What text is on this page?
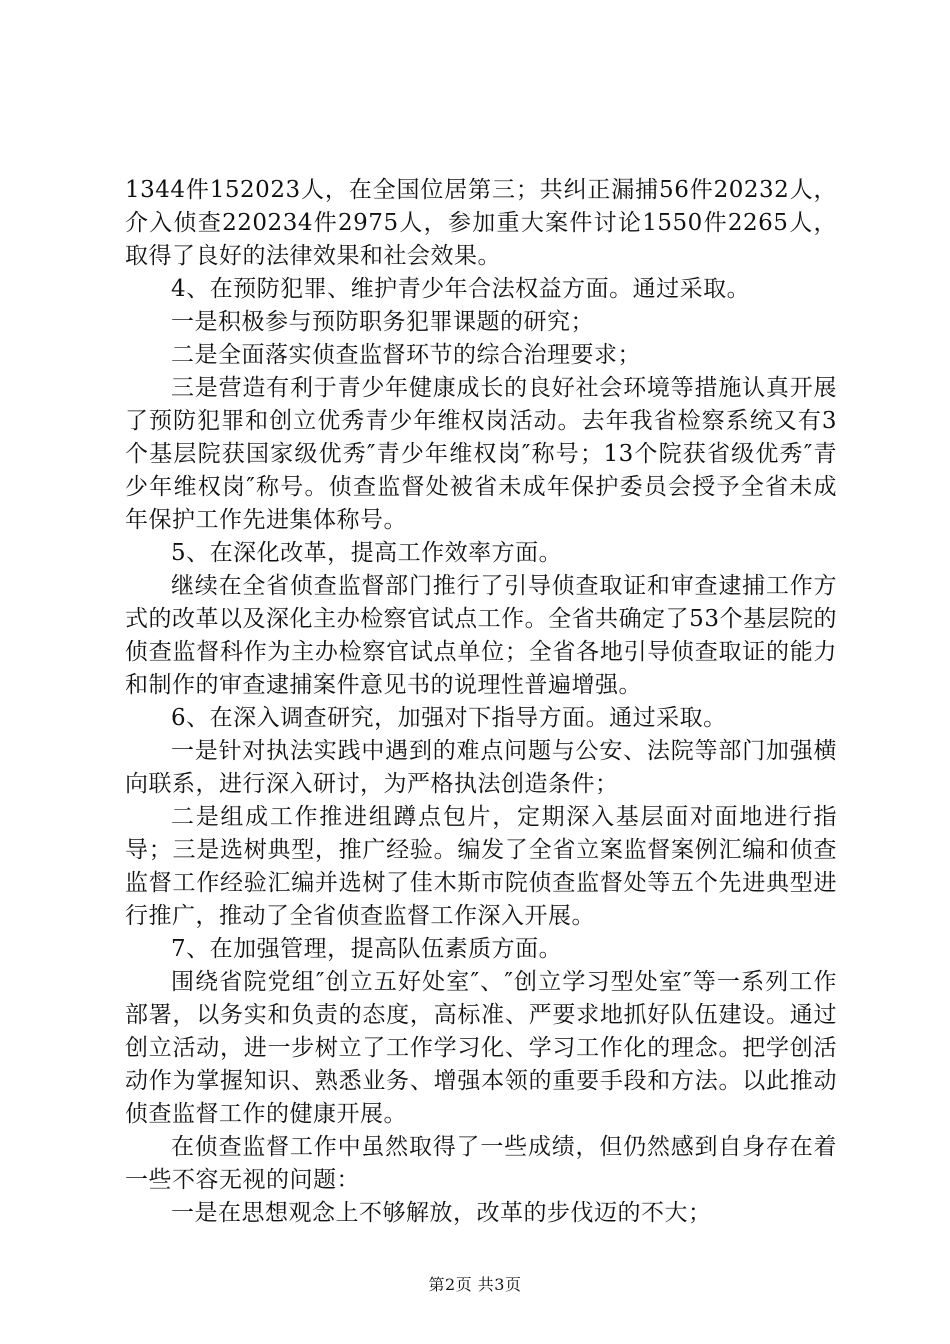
1344件152023人，在全国位居第三；共纠正漏捕56件20232人，介入侦查220234件2975人，参加重大案件讨论1550件2265人，取得了良好的法律效果和社会效果。

4、在预防犯罪、维护青少年合法权益方面。通过采取。

一是积极参与预防职务犯罪课题的研究；

二是全面落实侦查监督环节的综合治理要求；

三是营造有利于青少年健康成长的良好社会环境等措施认真开展了预防犯罪和创立优秀青少年维权岗活动。去年我省检察系统又有3个基层院获国家级优秀″青少年维权岗″称号；13个院获省级优秀″青少年维权岗″称号。侦查监督处被省未成年保护委员会授予全省未成年保护工作先进集体称号。

5、在深化改革，提高工作效率方面。

继续在全省侦查监督部门推行了引导侦查取证和审查逮捕工作方式的改革以及深化主办检察官试点工作。全省共确定了53个基层院的侦查监督科作为主办检察官试点单位；全省各地引导侦查取证的能力和制作的审查逮捕案件意见书的说理性普遍增强。

6、在深入调查研究，加强对下指导方面。通过采取。

一是针对执法实践中遇到的难点问题与公安、法院等部门加强横向联系，进行深入研讨，为严格执法创造条件；

二是组成工作推进组蹲点包片，定期深入基层面对面地进行指导；三是选树典型，推广经验。编发了全省立案监督案例汇编和侦查监督工作经验汇编并选树了佳木斯市院侦查监督处等五个先进典型进行推广，推动了全省侦查监督工作深入开展。

7、在加强管理，提高队伍素质方面。

围绕省院党组″创立五好处室″、″创立学习型处室″等一系列工作部署，以务实和负责的态度，高标准、严要求地抓好队伍建设。通过创立活动，进一步树立了工作学习化、学习工作化的理念。把学创活动作为掌握知识、熟悉业务、增强本领的重要手段和方法。以此推动侦查监督工作的健康开展。

在侦查监督工作中虽然取得了一些成绩，但仍然感到自身存在着一些不容无视的问题：

一是在思想观念上不够解放，改革的步伐迈的不大；

第2页 共3页
